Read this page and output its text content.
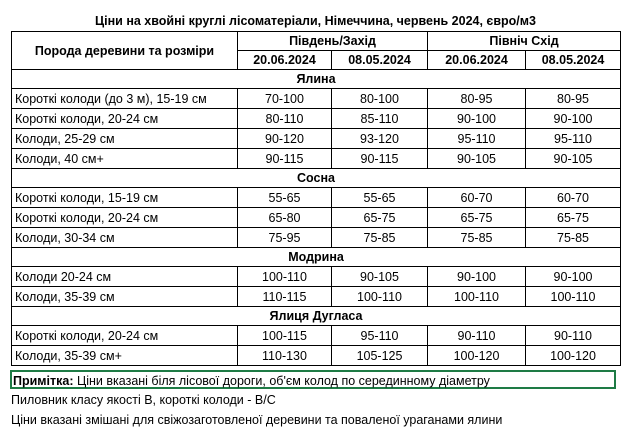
Ціни на хвойні круглі лісоматеріали, Німеччина, червень 2024, євро/м3
Порода деревини та розміри	Південь/Захід		Північ Схід	
	20.06.2024	08.05.2024	20.06.2024	08.05.2024
Ялина				
Короткі колоди (до 3 м), 15-19 см	70-100	80-100	80-95	80-95
Короткі колоди, 20-24 см	80-110	85-110	90-100	90-100
Колоди, 25-29 см	90-120	93-120	95-110	95-110
Колоди, 40 см+	90-115	90-115	90-105	90-105
Сосна				
Короткі колоди, 15-19 см	55-65	55-65	60-70	60-70
Короткі колоди, 20-24 см	65-80	65-75	65-75	65-75
Колоди, 30-34 см	75-95	75-85	75-85	75-85
Модрина				
Колоди 20-24 см	100-110	90-105	90-100	90-100
Колоди, 35-39 см	110-115	100-110	100-110	100-110
Ялиця Дугласа				
Короткі колоди, 20-24 см	100-115	95-110	90-110	90-110
Колоди, 35-39 см+	110-130	105-125	100-120	100-120
Примітка: Ціни вказані біля лісової дороги, об'єм колод по серединному діаметру
Пиловник класу якості B, короткі колоди - B/C
Ціни вказані змішані для свіжозаготовленої деревини та поваленої ураганами ялини
